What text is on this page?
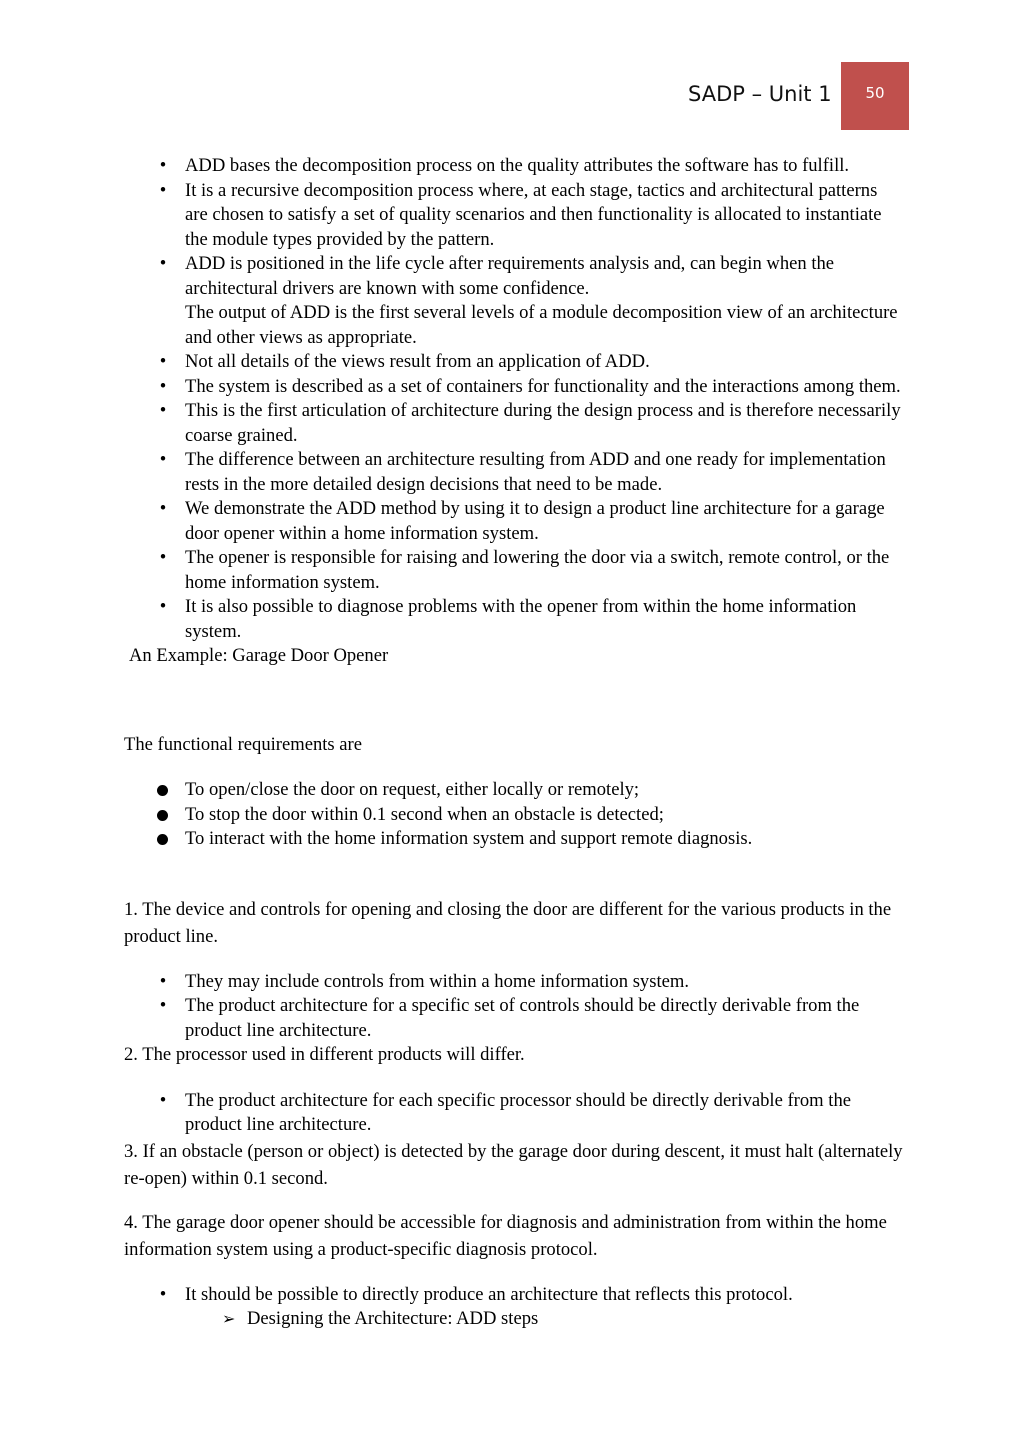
SADP – Unit 1	50
•
ADD bases the decomposition process on the quality attributes the software has to fulfill.
•
It is a recursive decomposition process where, at each stage, tactics and architectural patterns are chosen to satisfy a set of quality scenarios and then functionality is allocated to instantiate the module types provided by the pattern.
•
ADD is positioned in the life cycle after requirements analysis and, can begin when the architectural drivers are known with some confidence.

The output of ADD is the first several levels of a module decomposition view of an architecture and other views as appropriate.

•
Not all details of the views result from an application of ADD.
•
The system is described as a set of containers for functionality and the interactions among them.
•
This is the first articulation of architecture during the design process and is therefore necessarily coarse grained.
•
The difference between an architecture resulting from ADD and one ready for implementation rests in the more detailed design decisions that need to be made.
•
We demonstrate the ADD method by using it to design a product line architecture for a garage door opener within a home information system.
•
The opener is responsible for raising and lowering the door via a switch, remote control, or the home information system.
•
It is also possible to diagnose problems with the opener from within the home information system.

An Example: Garage Door Opener

The functional requirements are

To open/close the door on request, either locally or remotely;
To stop the door within 0.1 second when an obstacle is detected;
To interact with the home information system and support remote diagnosis.

1. The device and controls for opening and closing the door are different for the various products in the product line.

•
They may include controls from within a home information system.
•
The product architecture for a specific set of controls should be directly derivable from the product line architecture.

2. The processor used in different products will differ.

•
The product architecture for each specific processor should be directly derivable from the product line architecture.

3. If an obstacle (person or object) is detected by the garage door during descent, it must halt (alternately re-open) within 0.1 second.

4. The garage door opener should be accessible for diagnosis and administration from within the home information system using a product-specific diagnosis protocol.

•
It should be possible to directly produce an architecture that reflects this protocol.
➢ Designing the Architecture: ADD steps
